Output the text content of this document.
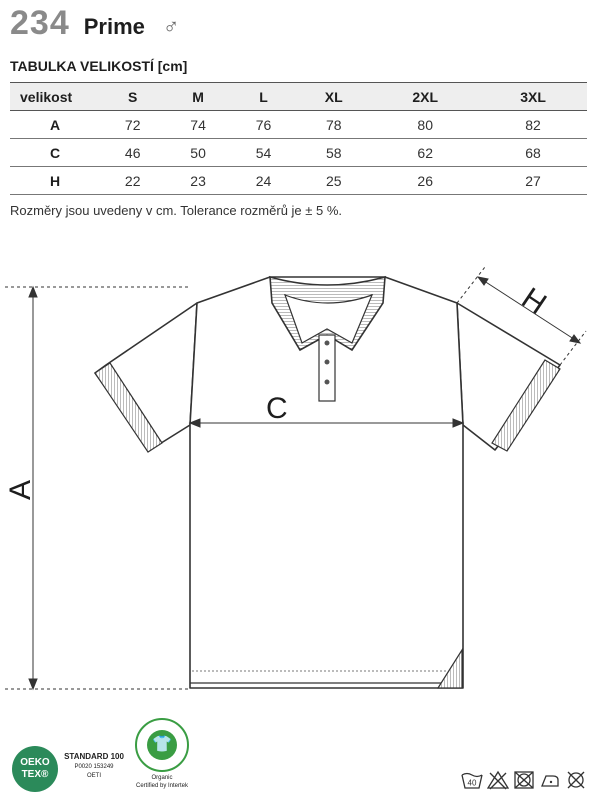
234 Prime ♂
TABULKA VELIKOSTÍ [cm]
velikost	S	M	L	XL	2XL	3XL
A	72	74	76	78	80	82
C	46	50	54	58	62	68
H	22	23	24	25	26	27
Rozměry jsou uvedeny v cm. Tolerance rozměrů je ± 5 %.
A
C
H
OEKO TEX®
STANDARD 100
P0020 153249
OETI
👕
Organic
Certified by Intertek	40
